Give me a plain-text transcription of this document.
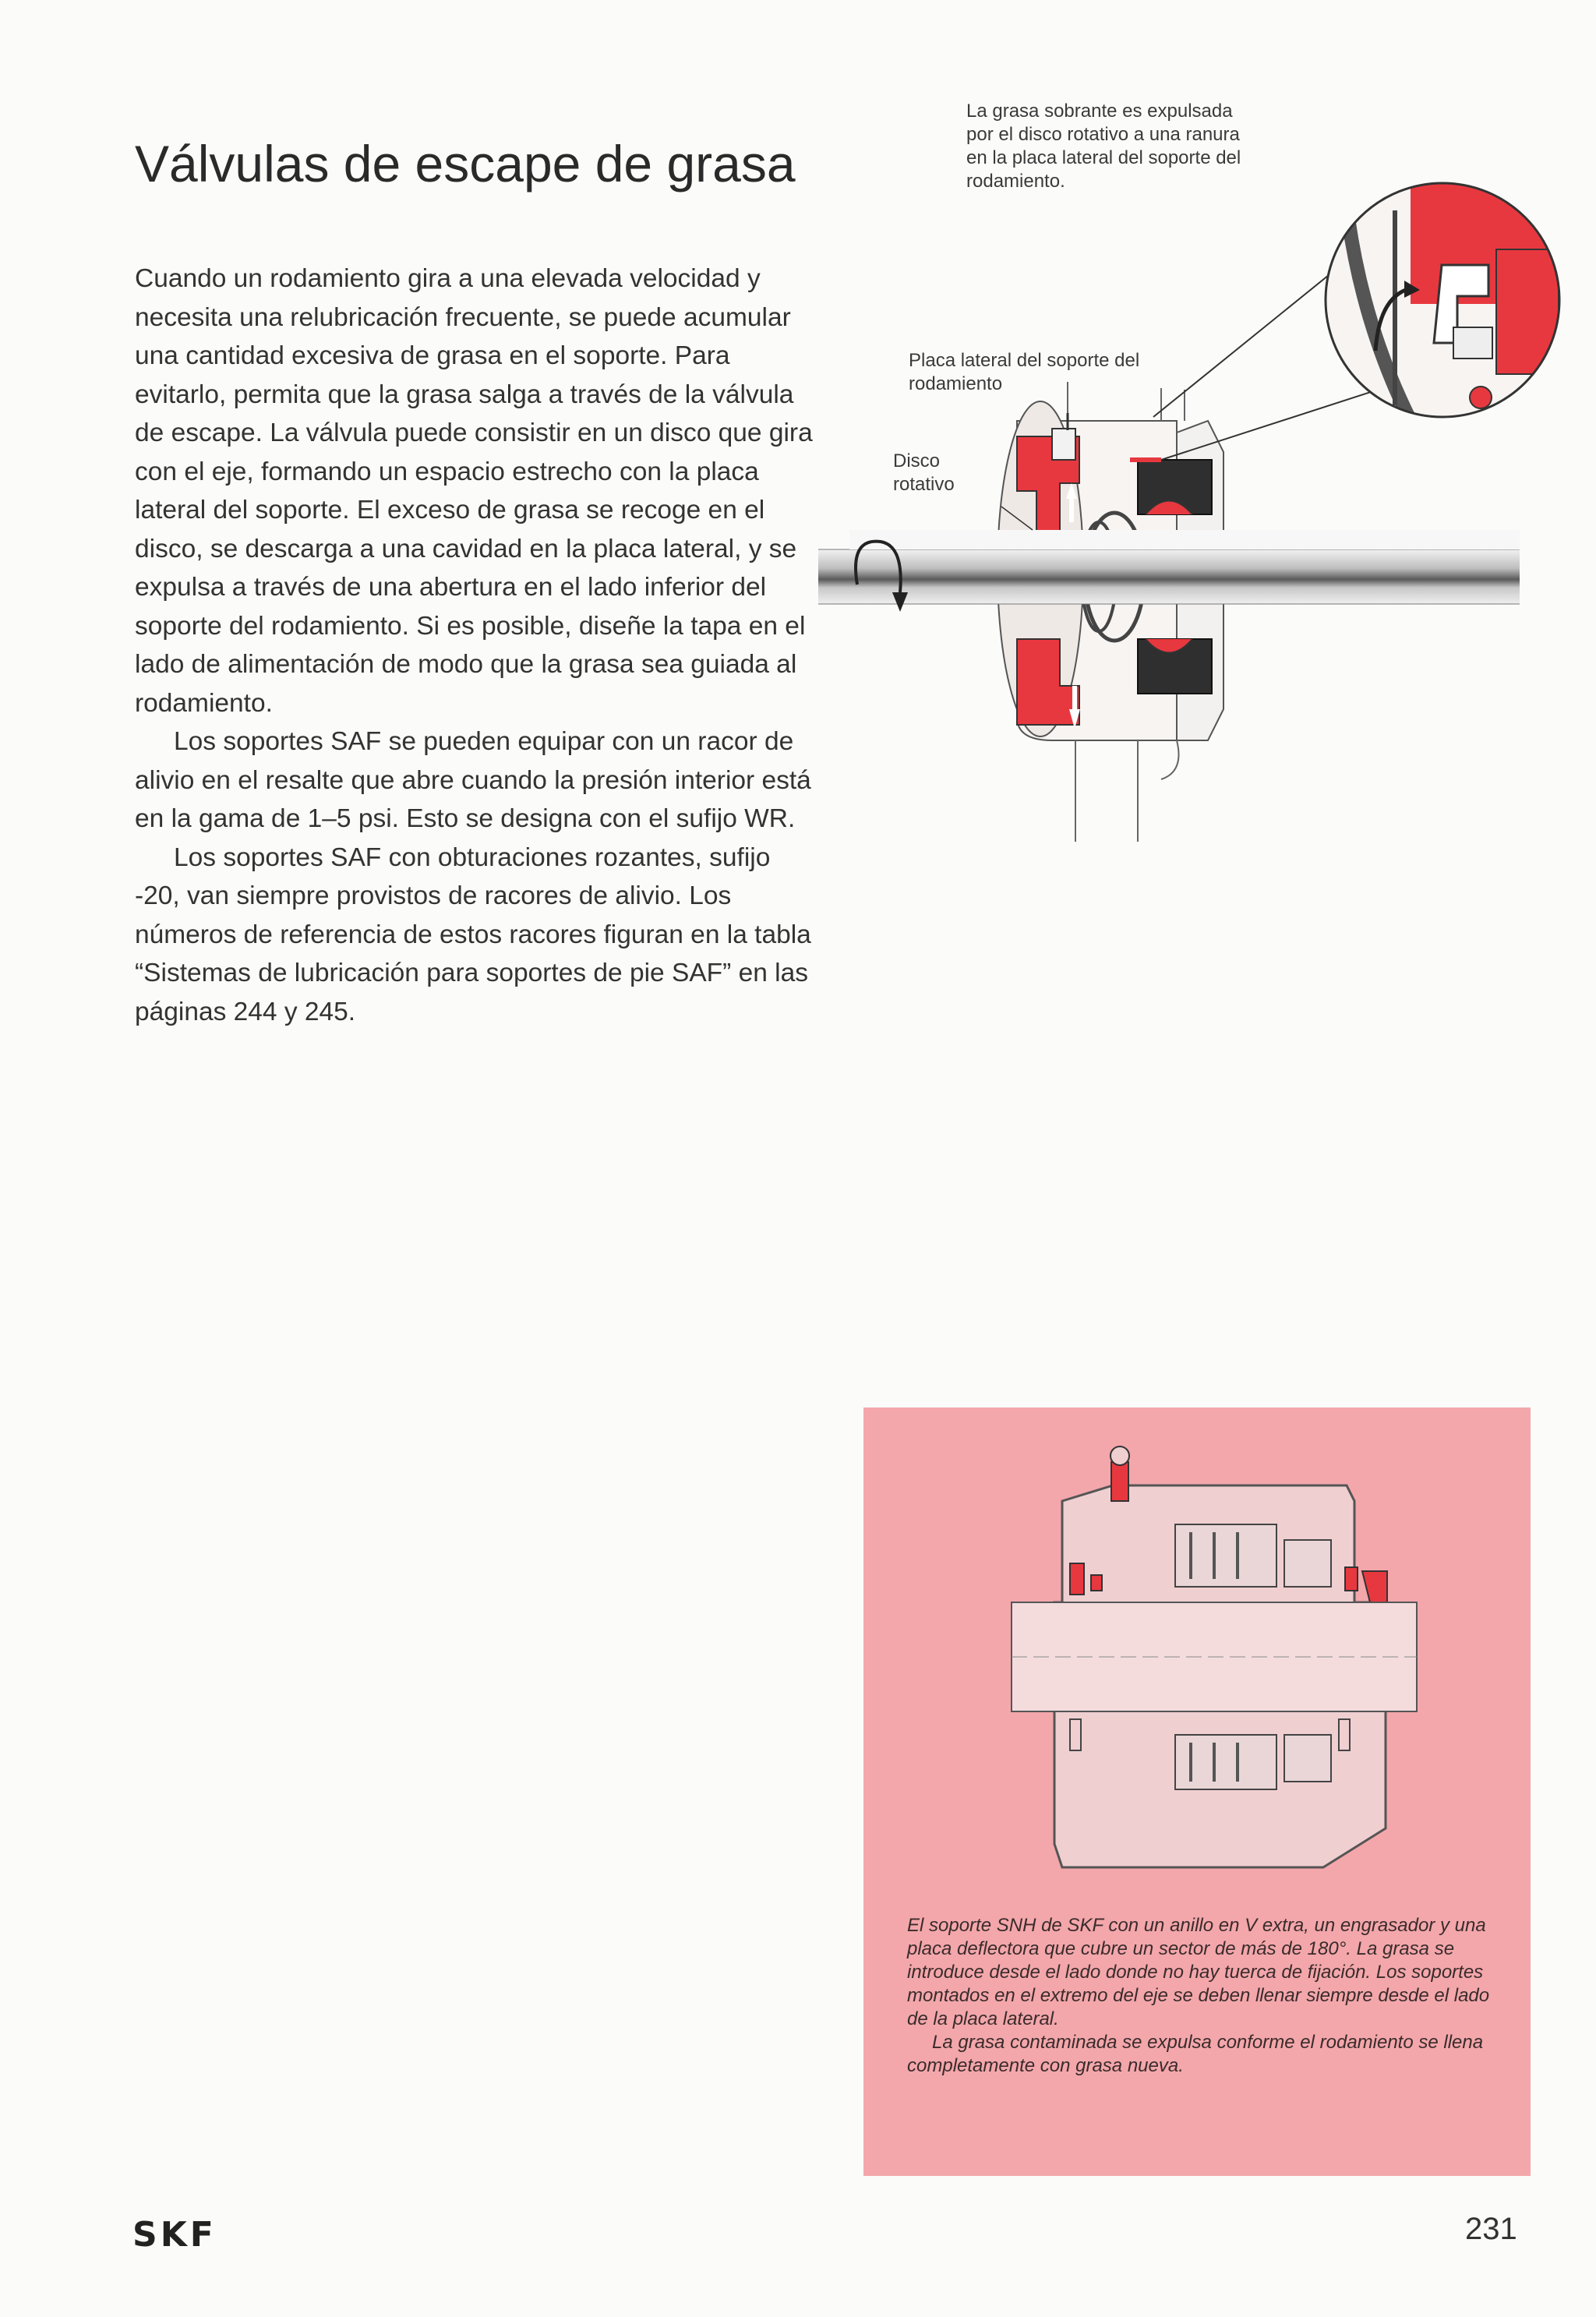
Válvulas de escape de grasa

Cuando un rodamiento gira a una elevada velocidad y necesita una relubricación frecuente, se puede acumular una cantidad excesiva de grasa en el soporte. Para evitarlo, permita que la grasa salga a través de la válvula de escape. La válvula puede consistir en un disco que gira con el eje, formando un espacio estrecho con la placa lateral del soporte. El exceso de grasa se recoge en el disco, se descarga a una cavidad en la placa lateral, y se expulsa a través de una abertura en el lado inferior del soporte del rodamiento. Si es posible, diseñe la tapa en el lado de alimentación de modo que la grasa sea guiada al rodamiento.

Los soportes SAF se pueden equipar con un racor de alivio en el resalte que abre cuando la presión interior está en la gama de 1–5 psi. Esto se designa con el sufijo WR.

Los soportes SAF con obturaciones rozantes, sufijo -20, van siempre provistos de racores de alivio. Los números de referencia de estos racores figuran en la tabla “Sistemas de lubricación para soportes de pie SAF” en las páginas 244 y 245.

La grasa sobrante es expulsada por el disco rotativo a una ranura en la placa lateral del soporte del rodamiento.
Placa lateral del soporte del rodamiento
Disco rotativo

El soporte SNH de SKF con un anillo en V extra, un engrasador y una placa deflectora que cubre un sector de más de 180°. La grasa se introduce desde el lado donde no hay tuerca de fijación. Los soportes montados en el extremo del eje se deben llenar siempre desde el lado de la placa lateral.

La grasa contaminada se expulsa conforme el rodamiento se llena completamente con grasa nueva.

SKF	231
